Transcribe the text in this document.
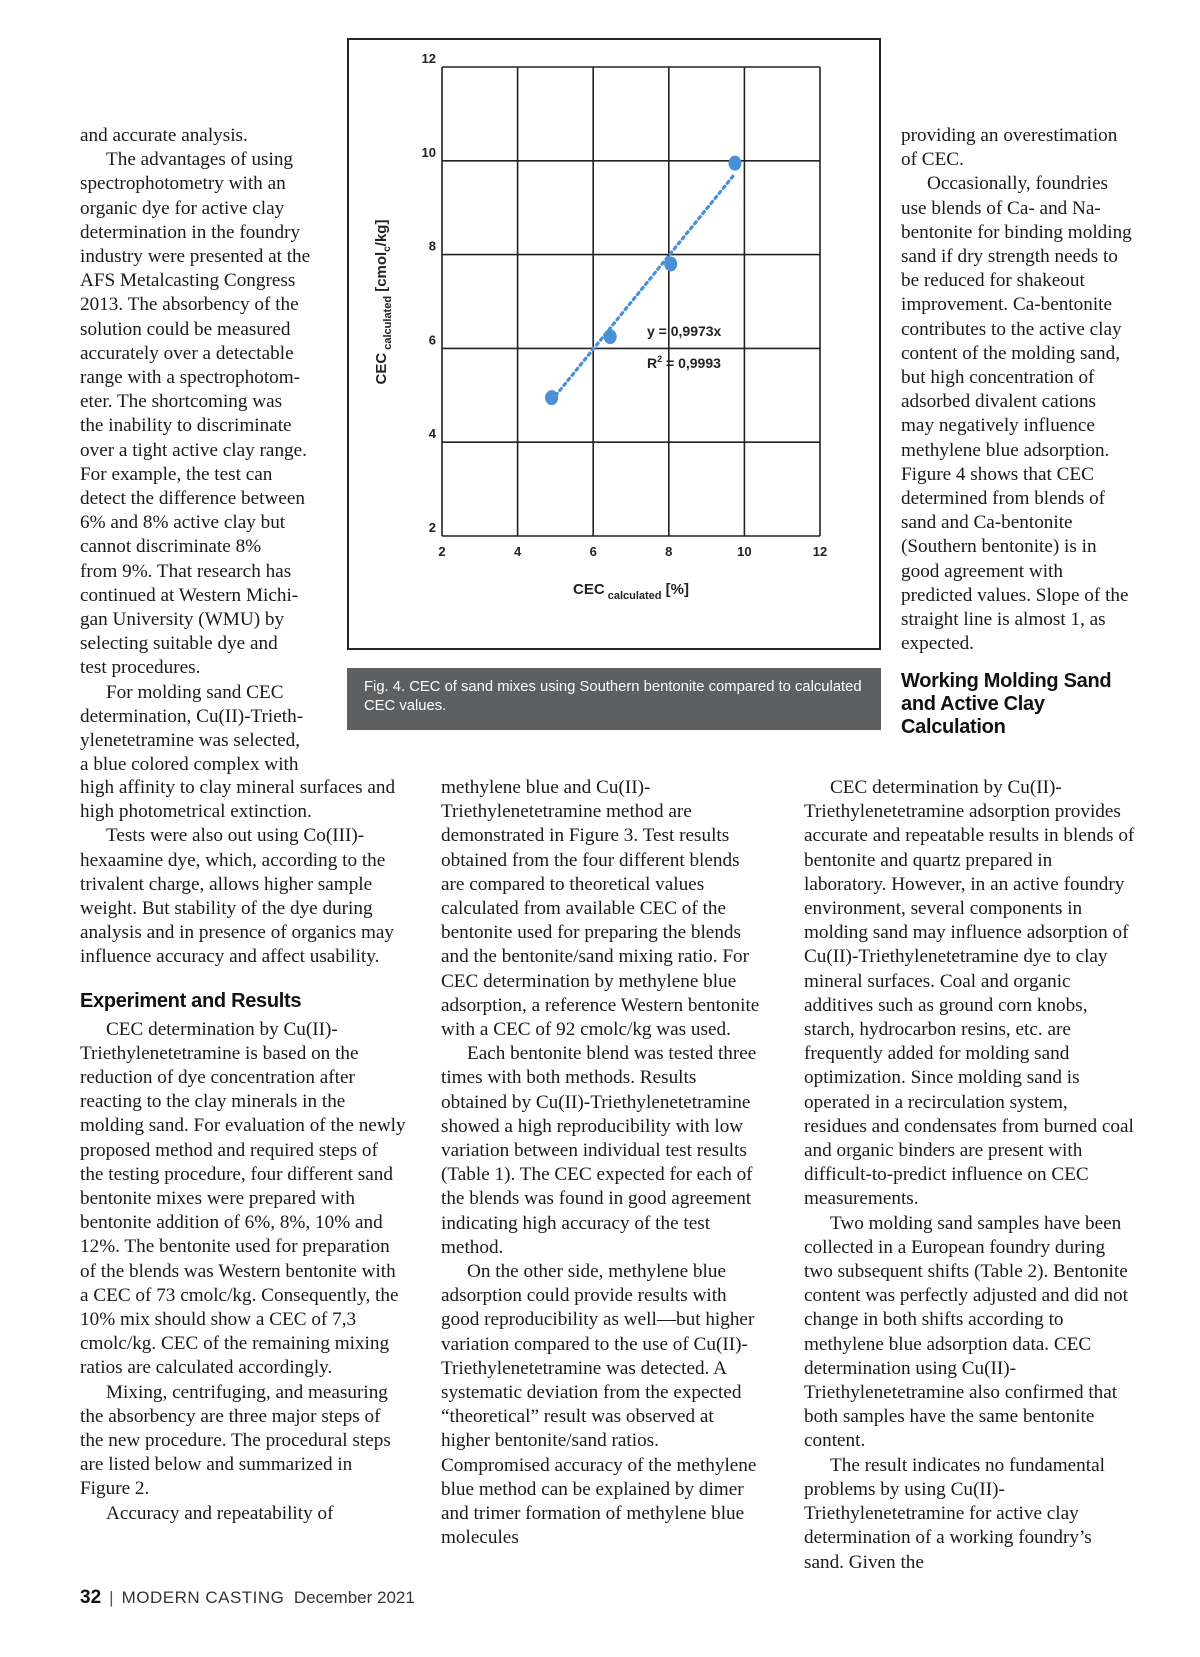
and accurate analysis.
The advantages of using
spectrophotometry with an
organic dye for active clay
determination in the foundry
industry were presented at the
AFS Metalcasting Congress
2013. The absorbency of the
solution could be measured
accurately over a detectable
range with a spectrophotom-
eter. The shortcoming was
the inability to discriminate
over a tight active clay range.
For example, the test can
detect the difference between
6% and 8% active clay but
cannot discriminate 8%
from 9%. That research has
continued at Western Michi-
gan University (WMU) by
selecting suitable dye and
test procedures.
For molding sand CEC
determination, Cu(II)-Trieth-
ylenetetramine was selected,
a blue colored complex with

high affinity to clay mineral surfaces and high photometrical extinction.

Tests were also out using Co(III)-hexaamine dye, which, according to the trivalent charge, allows higher sample weight. But stability of the dye during analysis and in presence of organics may influence accuracy and affect usability.

Experiment and Results

CEC determination by Cu(II)-Triethylenetetramine is based on the reduction of dye concentration after reacting to the clay minerals in the molding sand. For evaluation of the newly proposed method and required steps of the testing procedure, four different sand bentonite mixes were prepared with bentonite addition of 6%, 8%, 10% and 12%. The bentonite used for preparation of the blends was Western bentonite with a CEC of 73 cmolc/kg. Consequently, the 10% mix should show a CEC of 7,3 cmolc/kg. CEC of the remaining mixing ratios are calculated accordingly.

Mixing, centrifuging, and measuring the absorbency are three major steps of the new procedure. The procedural steps are listed below and summarized in Figure 2.

Accuracy and repeatability of

2	4	6	8	10	12
2
4
6
8
10
12
y = 0,9973x
$R^2 = 0,9993$
CEC $_{calculated}$ [%]
CEC $_{calculated}$ [cmol$_c$/kg]
Fig. 4. CEC of sand mixes using Southern bentonite compared to calculated CEC values.

methylene blue and Cu(II)-Triethylenetetramine method are demonstrated in Figure 3. Test results obtained from the four different blends are compared to theoretical values calculated from available CEC of the bentonite used for preparing the blends and the bentonite/sand mixing ratio. For CEC determination by methylene blue adsorption, a reference Western bentonite with a CEC of 92 cmolc/kg was used.

Each bentonite blend was tested three times with both methods. Results obtained by Cu(II)-Triethylenetetramine showed a high reproducibility with low variation between individual test results (Table 1). The CEC expected for each of the blends was found in good agreement indicating high accuracy of the test method.

On the other side, methylene blue adsorption could provide results with good reproducibility as well—but higher variation compared to the use of Cu(II)-Triethylenetetramine was detected. A systematic deviation from the expected “theoretical” result was observed at higher bentonite/sand ratios. Compromised accuracy of the methylene blue method can be explained by dimer and trimer formation of methylene blue molecules

providing an overestimation of CEC.

Occasionally, foundries use blends of Ca- and Na-bentonite for binding molding sand if dry strength needs to be reduced for shakeout improvement. Ca-bentonite contributes to the active clay content of the molding sand, but high concentration of adsorbed divalent cations may negatively influence methylene blue adsorption. Figure 4 shows that CEC determined from blends of sand and Ca-bentonite (Southern bentonite) is in good agreement with predicted values. Slope of the straight line is almost 1, as expected.

Working Molding Sand and Active Clay Calculation

CEC determination by Cu(II)-Triethylenetetramine adsorption provides accurate and repeatable results in blends of bentonite and quartz prepared in laboratory. However, in an active foundry environment, several components in molding sand may influence adsorption of Cu(II)-Triethylenetetramine dye to clay mineral surfaces. Coal and organic additives such as ground corn knobs, starch, hydrocarbon resins, etc. are frequently added for molding sand optimization. Since molding sand is operated in a recirculation system, residues and condensates from burned coal and organic binders are present with difficult-to-predict influence on CEC measurements.

Two molding sand samples have been collected in a European foundry during two subsequent shifts (Table 2). Bentonite content was perfectly adjusted and did not change in both shifts according to methylene blue adsorption data. CEC determination using Cu(II)-Triethylenetetramine also confirmed that both samples have the same bentonite content.

The result indicates no fundamental problems by using Cu(II)-Triethylenetetramine for active clay determination of a working foundry’s sand. Given the

32 | MODERN CASTING December 2021
